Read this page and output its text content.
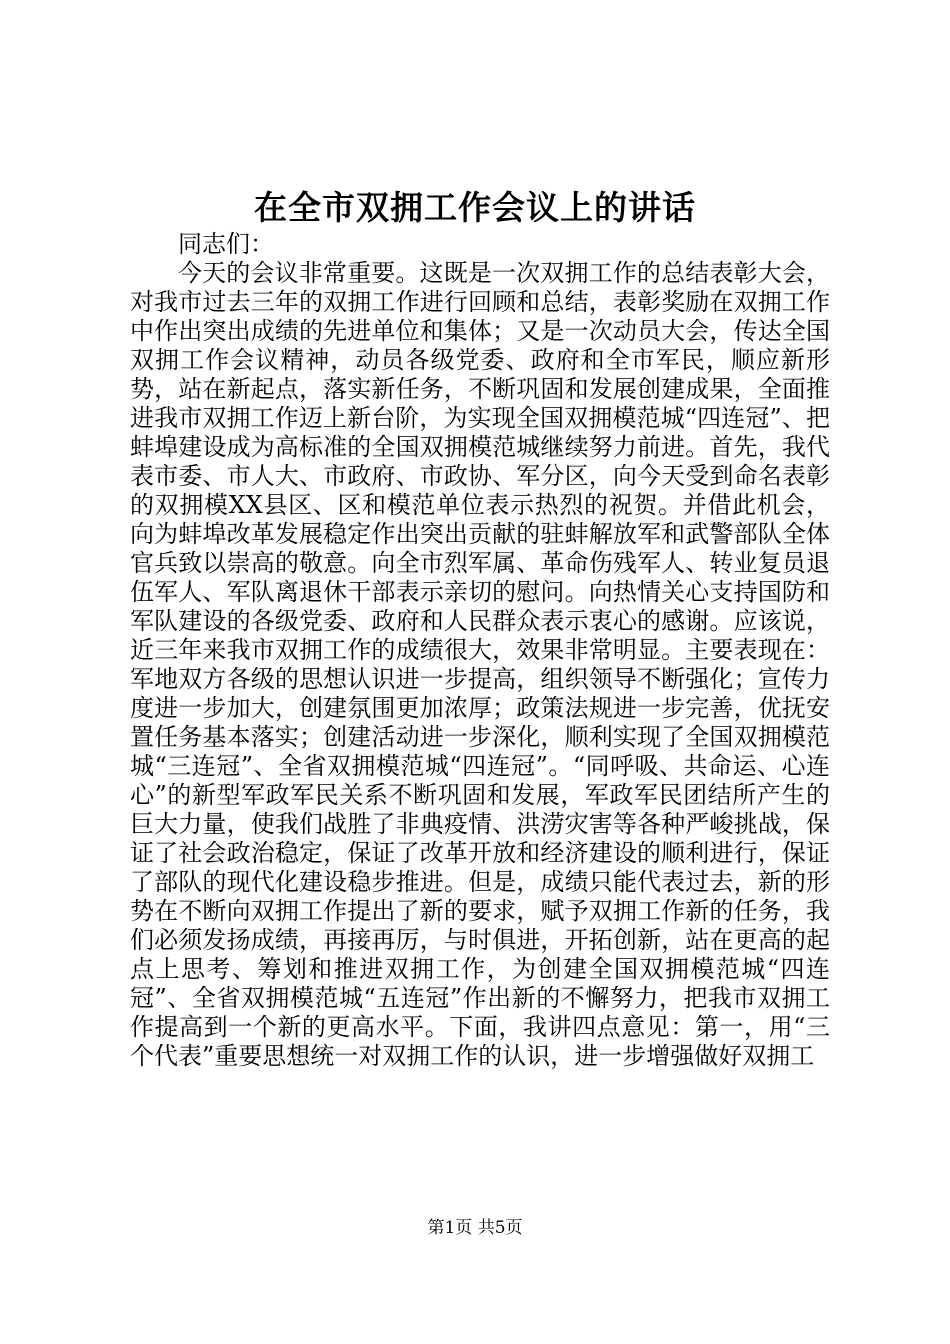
在全市双拥工作会议上的讲话

同志们：

今天的会议非常重要。这既是一次双拥工作的总结表彰大会，对我市过去三年的双拥工作进行回顾和总结，表彰奖励在双拥工作中作出突出成绩的先进单位和集体；又是一次动员大会，传达全国双拥工作会议精神，动员各级党委、政府和全市军民，顺应新形势，站在新起点，落实新任务，不断巩固和发展创建成果，全面推进我市双拥工作迈上新台阶，为实现全国双拥模范城“四连冠”、把蚌埠建设成为高标准的全国双拥模范城继续努力前进。首先，我代表市委、市人大、市政府、市政协、军分区，向今天受到命名表彰的双拥模XX县区、区和模范单位表示热烈的祝贺。并借此机会，向为蚌埠改革发展稳定作出突出贡献的驻蚌解放军和武警部队全体官兵致以崇高的敬意。向全市烈军属、革命伤残军人、转业复员退伍军人、军队离退休干部表示亲切的慰问。向热情关心支持国防和军队建设的各级党委、政府和人民群众表示衷心的感谢。应该说，近三年来我市双拥工作的成绩很大，效果非常明显。主要表现在：军地双方各级的思想认识进一步提高，组织领导不断强化；宣传力度进一步加大，创建氛围更加浓厚；政策法规进一步完善，优抚安置任务基本落实；创建活动进一步深化，顺利实现了全国双拥模范城“三连冠”、全省双拥模范城“四连冠”。“同呼吸、共命运、心连心”的新型军政军民关系不断巩固和发展，军政军民团结所产生的巨大力量，使我们战胜了非典疫情、洪涝灾害等各种严峻挑战，保证了社会政治稳定，保证了改革开放和经济建设的顺利进行，保证了部队的现代化建设稳步推进。但是，成绩只能代表过去，新的形势在不断向双拥工作提出了新的要求，赋予双拥工作新的任务，我们必须发扬成绩，再接再厉，与时俱进，开拓创新，站在更高的起点上思考、筹划和推进双拥工作，为创建全国双拥模范城“四连冠”、全省双拥模范城“五连冠”作出新的不懈努力，把我市双拥工作提高到一个新的更高水平。下面，我讲四点意见：第一，用“三个代表”重要思想统一对双拥工作的认识，进一步增强做好双拥工

第1页 共5页
